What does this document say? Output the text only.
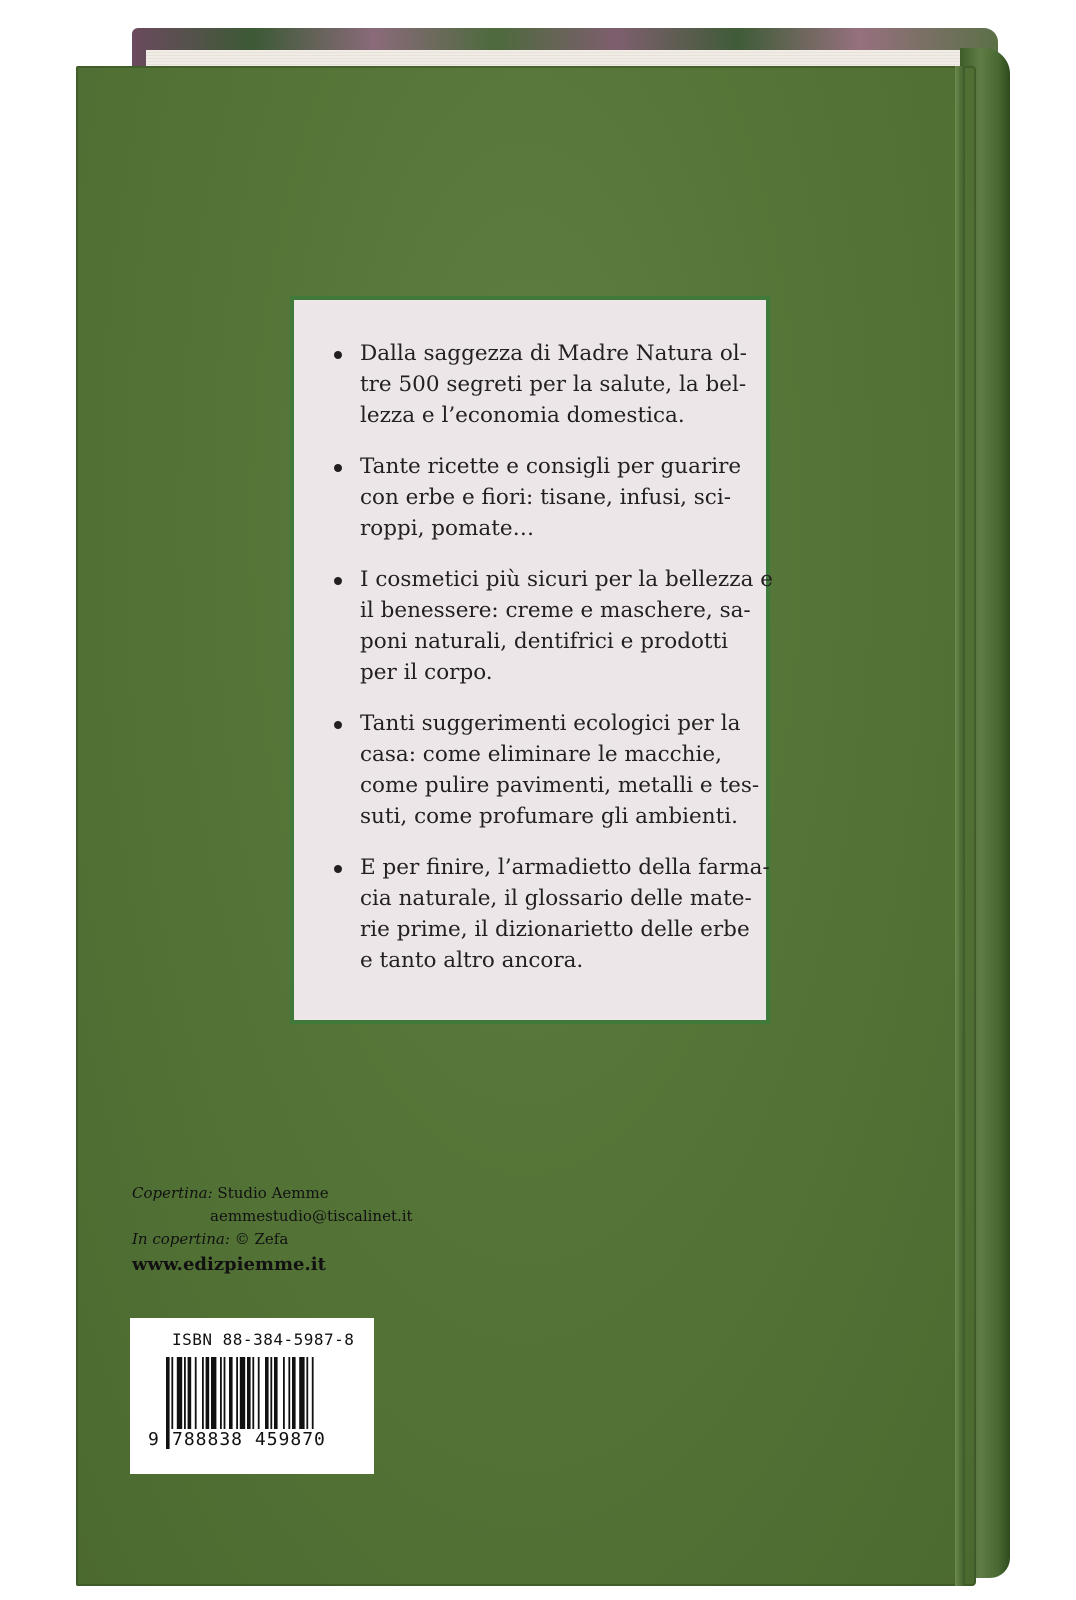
Dalla saggezza di Madre Natura ol-
tre 500 segreti per la salute, la bel-
lezza e l’economia domestica.
Tante ricette e consigli per guarire
con erbe e fiori: tisane, infusi, sci-
roppi, pomate…
I cosmetici più sicuri per la bellezza e
il benessere: creme e maschere, sa-
poni naturali, dentifrici e prodotti
per il corpo.
Tanti suggerimenti ecologici per la
casa: come eliminare le macchie,
come pulire pavimenti, metalli e tes-
suti, come profumare gli ambienti.
E per finire, l’armadietto della farma-
cia naturale, il glossario delle mate-
rie prime, il dizionarietto delle erbe
e tanto altro ancora.
Copertina: Studio Aemme
aemmestudio@tiscalinet.it
In copertina: © Zefa
www.edizpiemme.it
ISBN 88-384-5987-8
9 788838 459870
